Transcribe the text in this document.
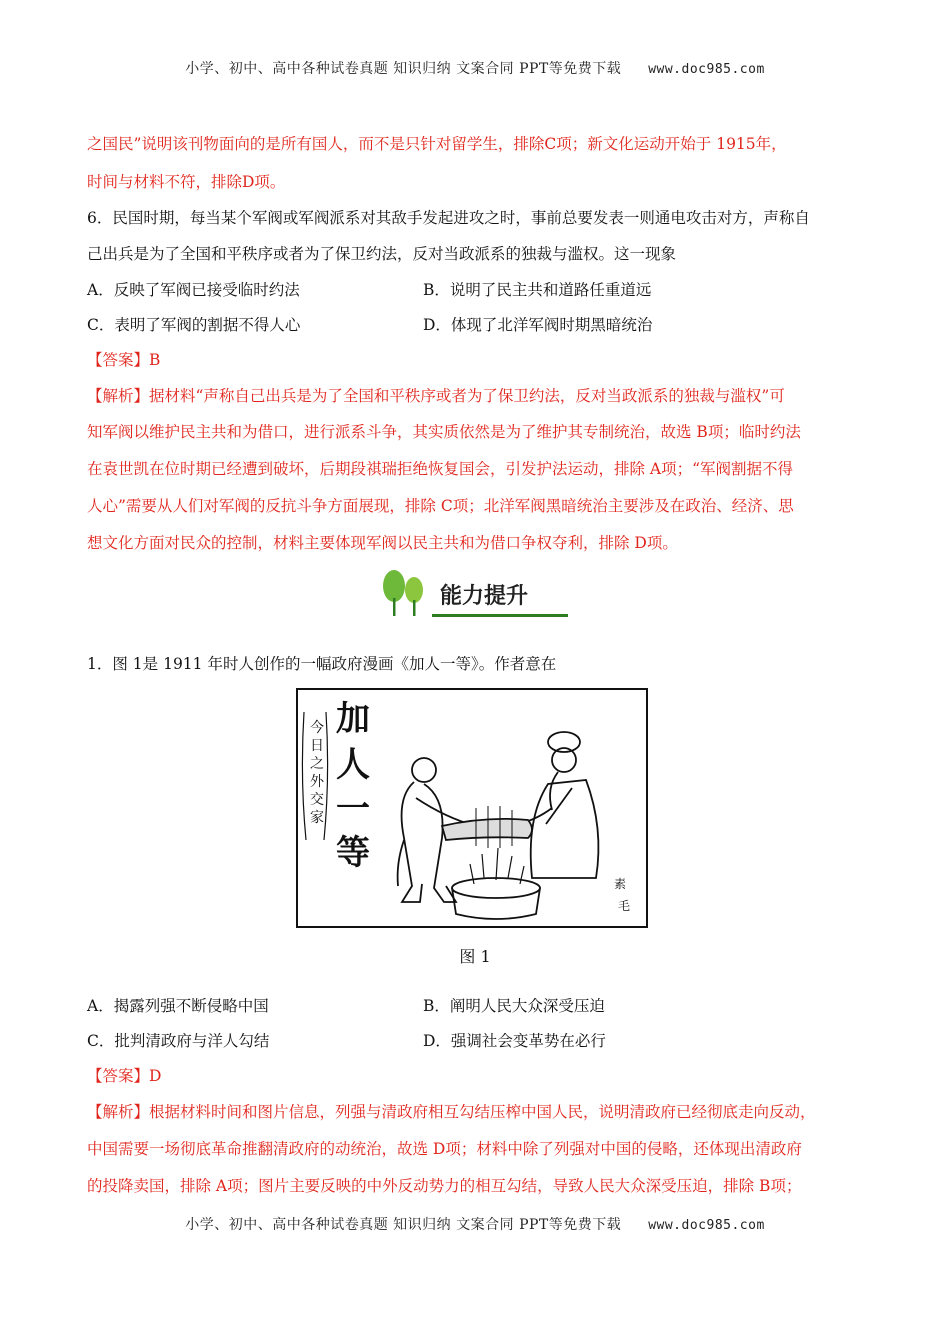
小学、初中、高中各种试卷真题 知识归纳 文案合同 PPT等免费下载 www.doc985.com
之国民”说明该刊物面向的是所有国人，而不是只针对留学生，排除C项；新文化运动开始于 1915年，
时间与材料不符，排除D项。
6．民国时期，每当某个军阀或军阀派系对其敌手发起进攻之时，事前总要发表一则通电攻击对方，声称自
己出兵是为了全国和平秩序或者为了保卫约法，反对当政派系的独裁与滥权。这一现象
A．反映了军阀已接受临时约法	B．说明了民主共和道路任重道远
C．表明了军阀的割据不得人心	D．体现了北洋军阀时期黑暗统治
【答案】B
【解析】据材料“声称自己出兵是为了全国和平秩序或者为了保卫约法，反对当政派系的独裁与滥权”可
知军阀以维护民主共和为借口，进行派系斗争，其实质依然是为了维护其专制统治，故选 B项；临时约法
在袁世凯在位时期已经遭到破坏，后期段祺瑞拒绝恢复国会，引发护法运动，排除 A项；“军阀割据不得
人心”需要从人们对军阀的反抗斗争方面展现，排除 C项；北洋军阀黑暗统治主要涉及在政治、经济、思
想文化方面对民众的控制，材料主要体现军阀以民主共和为借口争权夺利，排除 D项。
能力提升
1．图 1是 1911 年时人创作的一幅政府漫画《加人一等》。作者意在
加
人
一
等
今
日
之
外
交
家
素
毛
图 1
A．揭露列强不断侵略中国	B．阐明人民大众深受压迫
C．批判清政府与洋人勾结	D．强调社会变革势在必行
【答案】D
【解析】根据材料时间和图片信息，列强与清政府相互勾结压榨中国人民，说明清政府已经彻底走向反动，
中国需要一场彻底革命推翻清政府的动统治，故选 D项；材料中除了列强对中国的侵略，还体现出清政府
的投降卖国，排除 A项；图片主要反映的中外反动势力的相互勾结，导致人民大众深受压迫，排除 B项；
小学、初中、高中各种试卷真题 知识归纳 文案合同 PPT等免费下载 www.doc985.com
